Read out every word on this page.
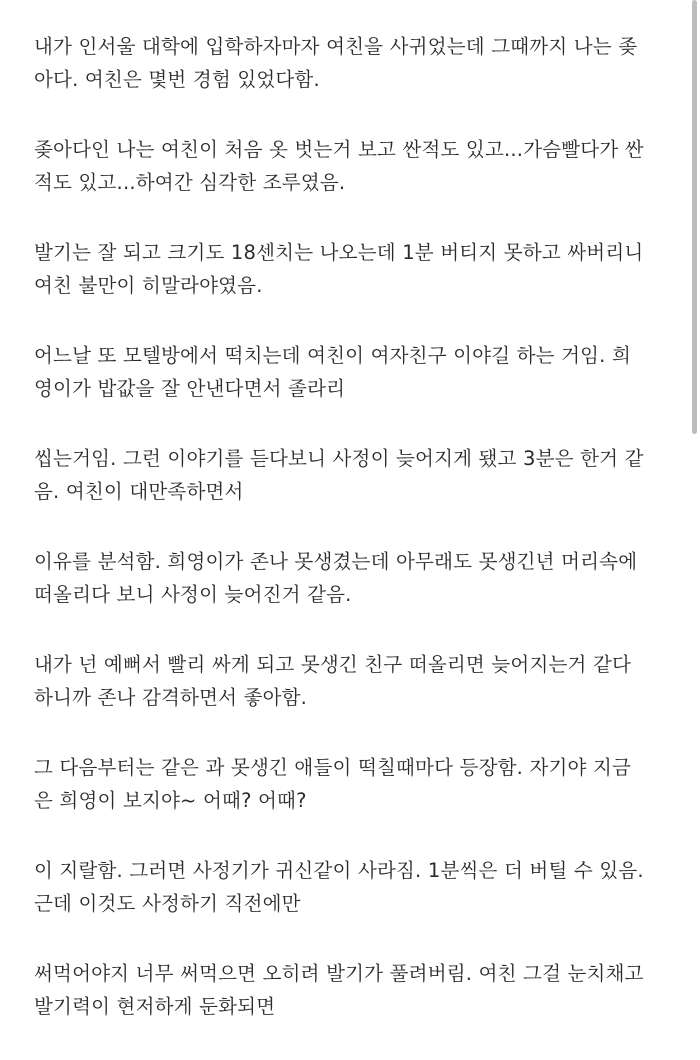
내가 인서울 대학에 입학하자마자 여친을 사귀었는데 그때까지 나는 좆
아다. 여친은 몇번 경험 있었다함.
좆아다인 나는 여친이 처음 옷 벗는거 보고 싼적도 있고...가슴빨다가 싼
적도 있고...하여간 심각한 조루였음.
발기는 잘 되고 크기도 18센치는 나오는데 1분 버티지 못하고 싸버리니
여친 불만이 히말라야였음.
어느날 또 모텔방에서 떡치는데 여친이 여자친구 이야길 하는 거임. 희
영이가 밥값을 잘 안낸다면서 졸라리
씹는거임. 그런 이야기를 듣다보니 사정이 늦어지게 됐고 3분은 한거 같
음. 여친이 대만족하면서
이유를 분석함. 희영이가 존나 못생겼는데 아무래도 못생긴년 머리속에
떠올리다 보니 사정이 늦어진거 같음.
내가 넌 예뻐서 빨리 싸게 되고 못생긴 친구 떠올리면 늦어지는거 같다
하니까 존나 감격하면서 좋아함.
그 다음부터는 같은 과 못생긴 애들이 떡칠때마다 등장함. 자기야 지금
은 희영이 보지야~ 어때? 어때?
이 지랄함. 그러면 사정기가 귀신같이 사라짐. 1분씩은 더 버틸 수 있음.
근데 이것도 사정하기 직전에만
써먹어야지 너무 써먹으면 오히려 발기가 풀려버림. 여친 그걸 눈치채고
발기력이 현저하게 둔화되면
